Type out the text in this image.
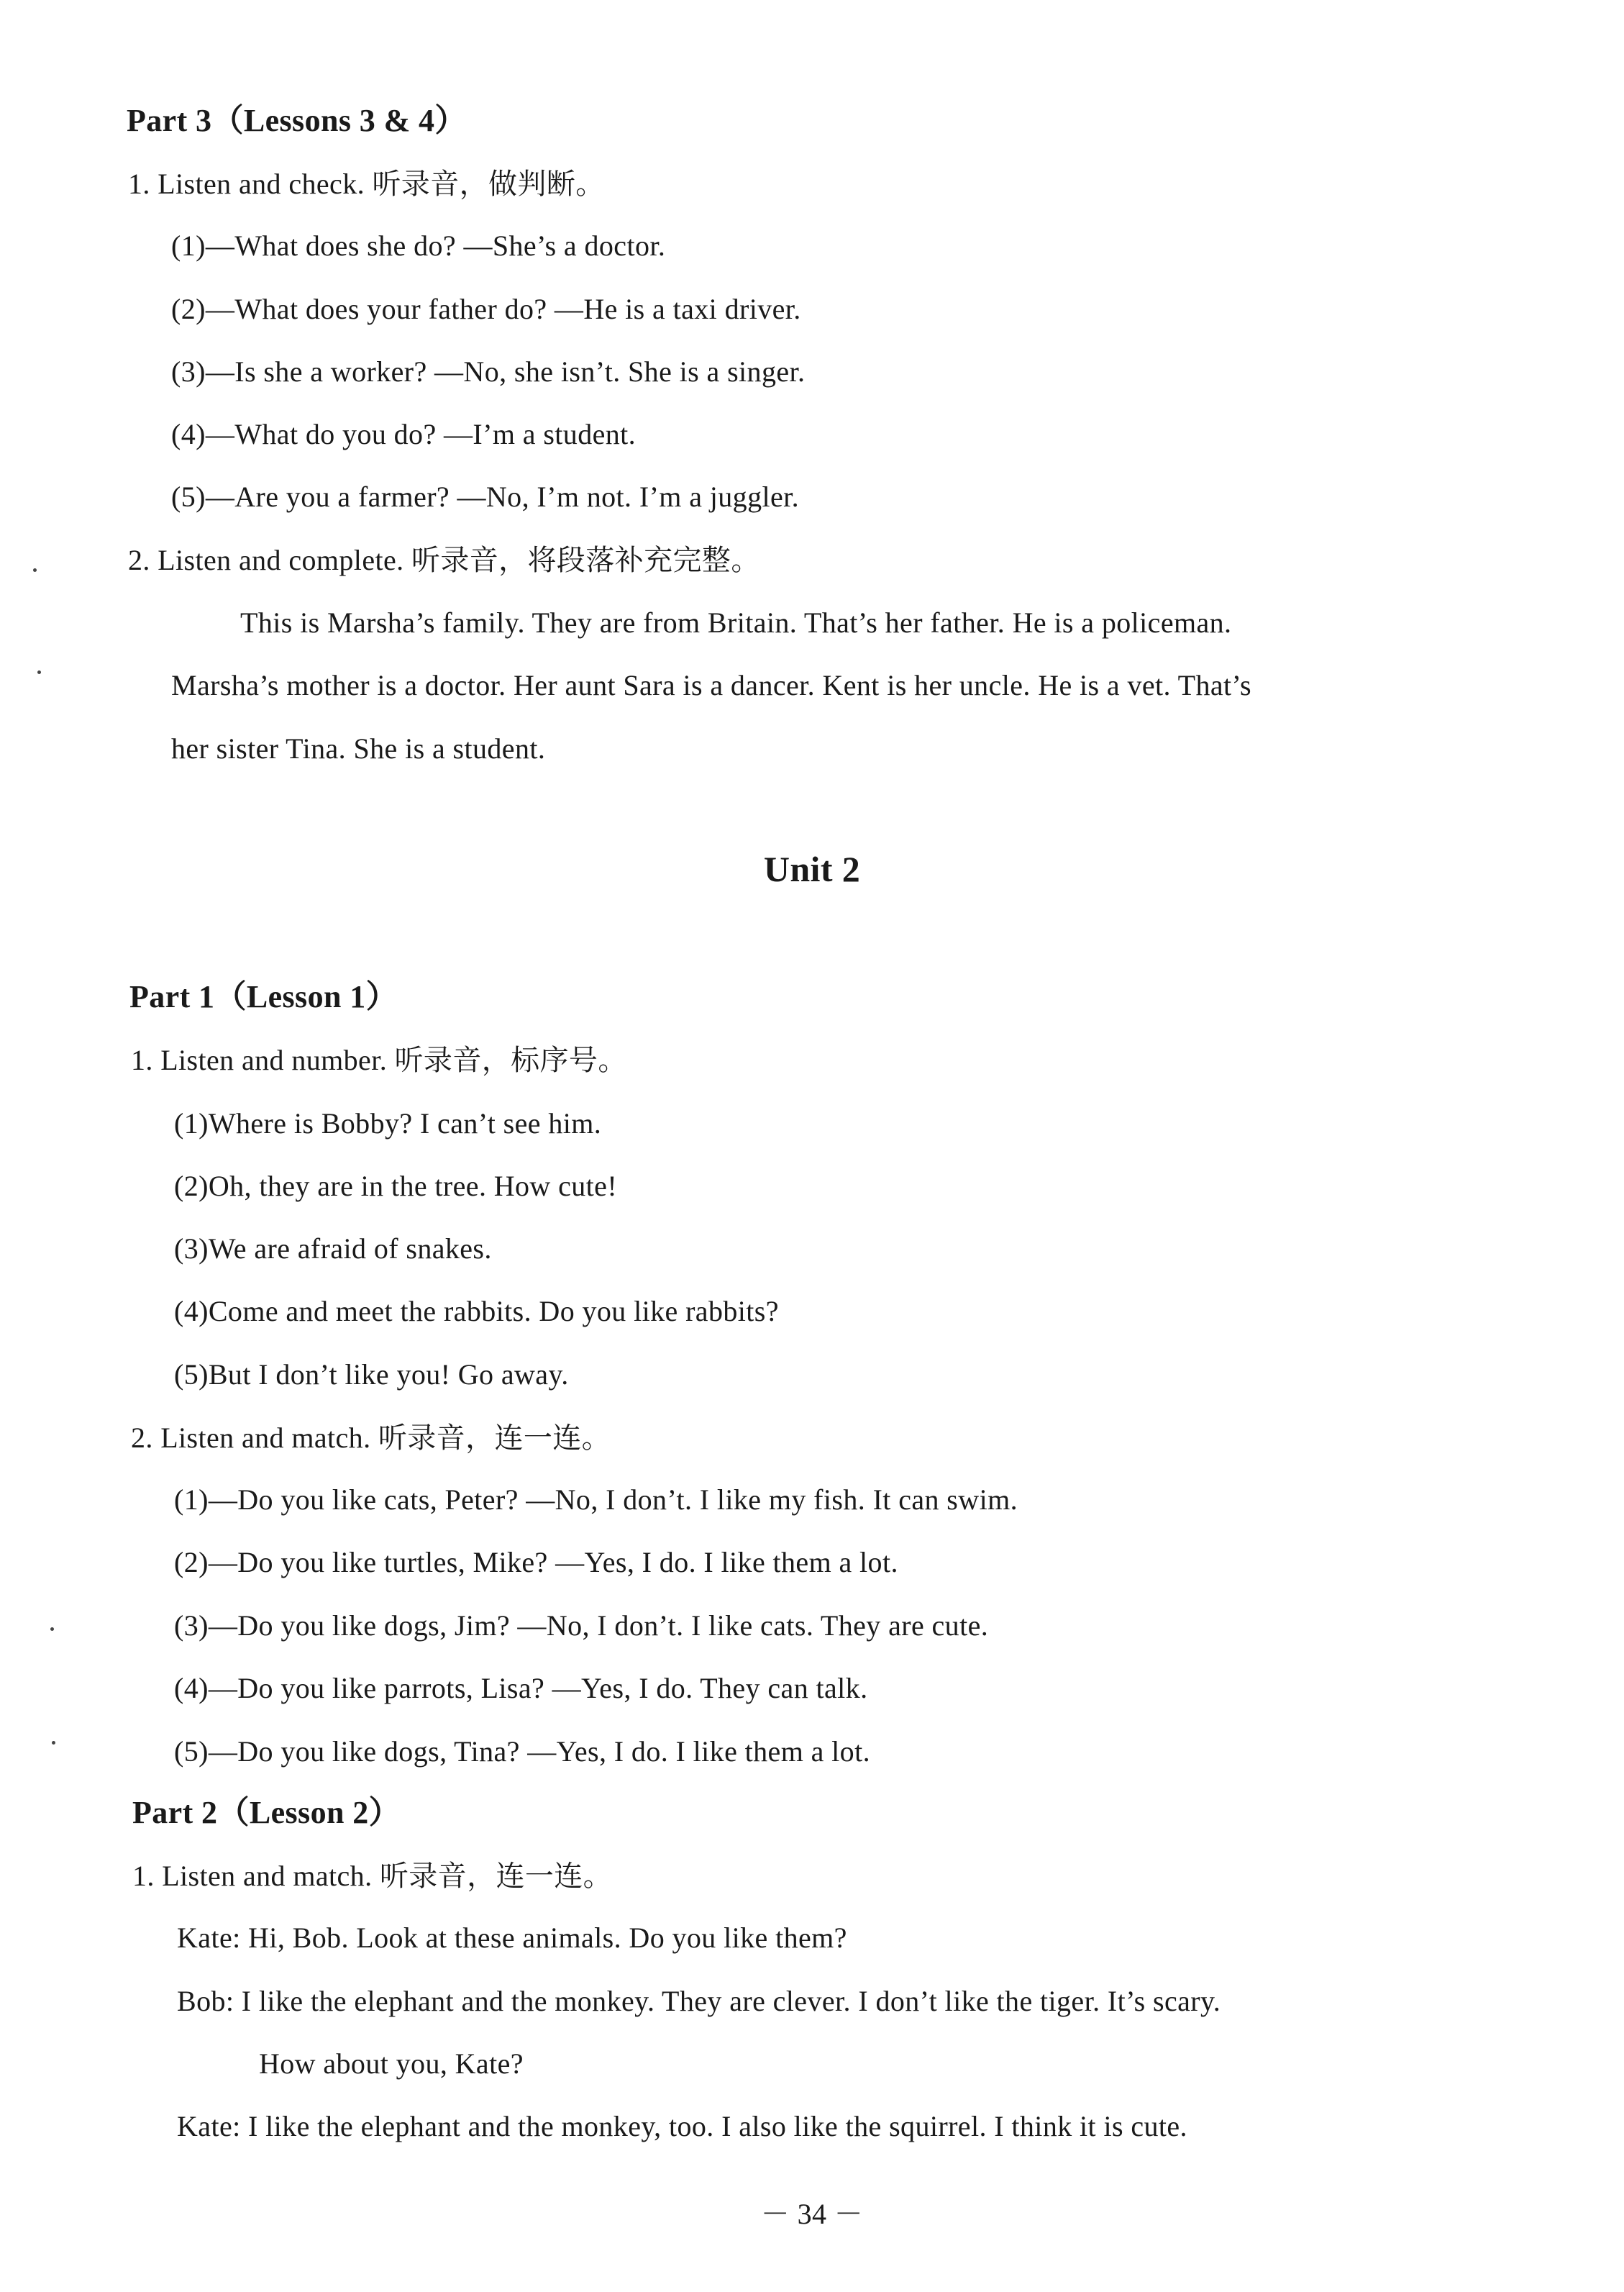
Part 3（Lessons 3 & 4）
1. Listen and check. 听录音，做判断。
(1)—What does she do? —She’s a doctor.
(2)—What does your father do? —He is a taxi driver.
(3)—Is she a worker? —No, she isn’t. She is a singer.
(4)—What do you do? —I’m a student.
(5)—Are you a farmer? —No, I’m not. I’m a juggler.
2. Listen and complete. 听录音，将段落补充完整。
This is Marsha’s family. They are from Britain. That’s her father. He is a policeman.
Marsha’s mother is a doctor. Her aunt Sara is a dancer. Kent is her uncle. He is a vet. That’s
her sister Tina. She is a student.
Unit 2
Part 1（Lesson 1）
1. Listen and number. 听录音，标序号。
(1)Where is Bobby? I can’t see him.
(2)Oh, they are in the tree. How cute!
(3)We are afraid of snakes.
(4)Come and meet the rabbits. Do you like rabbits?
(5)But I don’t like you! Go away.
2. Listen and match. 听录音，连一连。
(1)—Do you like cats, Peter? —No, I don’t. I like my fish. It can swim.
(2)—Do you like turtles, Mike? —Yes, I do. I like them a lot.
(3)—Do you like dogs, Jim? —No, I don’t. I like cats. They are cute.
(4)—Do you like parrots, Lisa? —Yes, I do. They can talk.
(5)—Do you like dogs, Tina? —Yes, I do. I like them a lot.
Part 2（Lesson 2）
1. Listen and match. 听录音，连一连。
Kate: Hi, Bob. Look at these animals. Do you like them?
Bob: I like the elephant and the monkey. They are clever. I don’t like the tiger. It’s scary.
How about you, Kate?
Kate: I like the elephant and the monkey, too. I also like the squirrel. I think it is cute.
－ 34 －
